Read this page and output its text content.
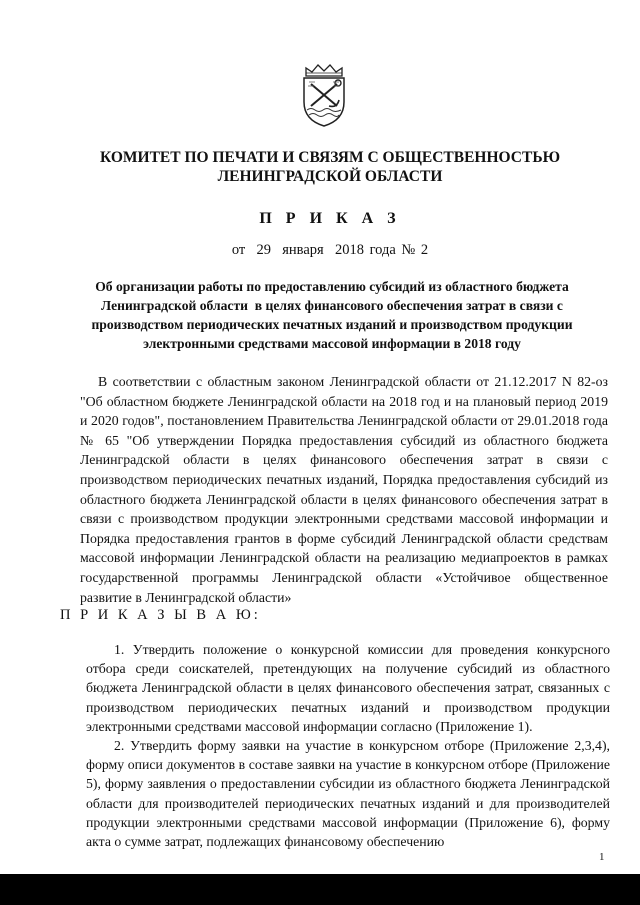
КОМИТЕТ ПО ПЕЧАТИ И СВЯЗЯМ С ОБЩЕСТВЕННОСТЬЮ
ЛЕНИНГРАДСКОЙ ОБЛАСТИ
П Р И К А З
от  29  января  2018 года № 2
Об организации работы по предоставлению субсидий из областного бюджета
Ленинградской области  в целях финансового обеспечения затрат в связи с
производством периодических печатных изданий и производством продукции
электронными средствами массовой информации в 2018 году

В соответствии с областным законом Ленинградской области от 21.12.2017 N 82-оз "Об областном бюджете Ленинградской области на 2018 год и на плановый период 2019 и 2020 годов", постановлением Правительства Ленинградской области от 29.01.2018 года № 65 "Об утверждении Порядка предоставления субсидий из областного бюджета Ленинградской области в целях финансового обеспечения затрат в связи с производством периодических печатных изданий, Порядка предоставления субсидий из областного бюджета Ленинградской области в целях финансового обеспечения затрат в связи с производством продукции электронными средствами массовой информации и Порядка предоставления грантов в форме субсидий Ленинградской области средствам массовой информации Ленинградской области на реализацию медиапроектов в рамках государственной программы Ленинградской области «Устойчивое общественное развитие в Ленинградской области»

П Р И К А З Ы В А Ю:

1. Утвердить положение о конкурсной комиссии для проведения конкурсного отбора среди соискателей, претендующих на получение субсидий из областного бюджета Ленинградской области в целях финансового обеспечения затрат, связанных с производством периодических печатных изданий и производством продукции электронными средствами массовой информации согласно (Приложение 1).

2. Утвердить форму заявки на участие в конкурсном отборе (Приложение 2,3,4), форму описи документов в составе заявки на участие в конкурсном отборе (Приложение 5), форму заявления о предоставлении субсидии из областного бюджета Ленинградской области для производителей периодических печатных изданий и для производителей продукции электронными средствами массовой информации (Приложение 6), форму акта о сумме затрат, подлежащих финансовому обеспечению

1
